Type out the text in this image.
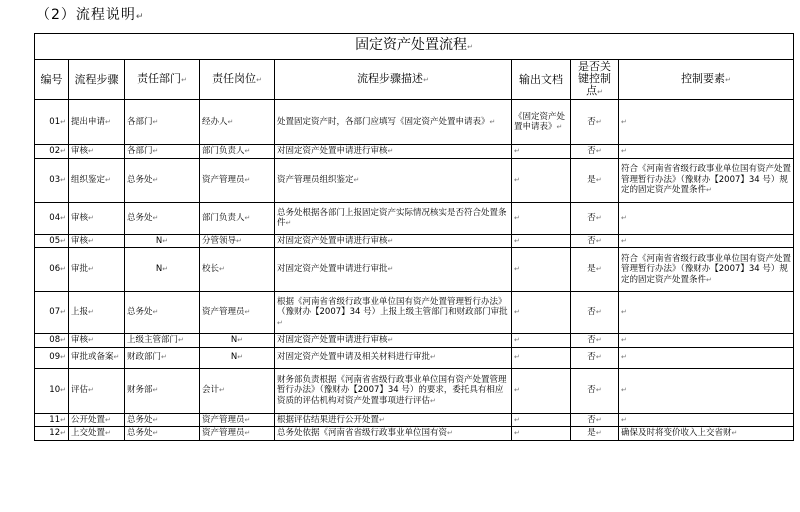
（2）流程说明↵
固定资产处置流程↵							
编号	流程步骤	责任部门↵	责任岗位↵	流程步骤描述↵	输出文档	是否关键控制点↵	控制要素↵
01↵	提出申请↵	各部门↵	经办人↵	处置固定资产时，各部门应填写《固定资产处置申请表》↵	《固定资产处置申请表》↵	否↵	↵
02↵	审核↵	各部门↵	部门负责人↵	对固定资产处置申请进行审核↵	↵	否↵	↵
03↵	组织鉴定↵	总务处↵	资产管理员↵	资产管理员组织鉴定↵	↵	是↵	符合《河南省省级行政事业单位国有资产处置管理暂行办法》（豫财办【2007】34 号）规定的固定资产处置条件↵
04↵	审核↵	总务处↵	部门负责人↵	总务处根据各部门上报固定资产实际情况核实是否符合处置条件↵	↵	否↵	↵
05↵	审核↵	N↵	分管领导↵	对固定资产处置申请进行审核↵	↵	否↵	↵
06↵	审批↵	N↵	校长↵	对固定资产处置申请进行审批↵	↵	是↵	符合《河南省省级行政事业单位国有资产处置管理暂行办法》（豫财办【2007】34 号）规定的固定资产处置条件↵
07↵	上报↵	总务处↵	资产管理员↵	根据《河南省省级行政事业单位国有资产处置管理暂行办法》（豫财办【2007】34 号）上报上级主管部门和财政部门审批↵	↵	否↵	↵
08↵	审核↵	上级主管部门↵	N↵	对固定资产处置申请进行审核↵	↵	否↵	↵
09↵	审批或备案↵	财政部门↵	N↵	对固定资产处置申请及相关材料进行审批↵	↵	否↵	↵
10↵	评估↵	财务部↵	会计↵	财务部负责根据《河南省省级行政事业单位国有资产处置管理暂行办法》（豫财办【2007】34 号）的要求，委托具有相应资质的评估机构对资产处置事项进行评估↵	↵	否↵	↵
11↵	公开处置↵	总务处↵	资产管理员↵	根据评估结果进行公开处置↵	↵	否↵	↵
12↵	上交处置↵	总务处↵	资产管理员↵	总务处依据《河南省省级行政事业单位国有资↵	↵	是↵	确保及时将变价收入上交省财↵
